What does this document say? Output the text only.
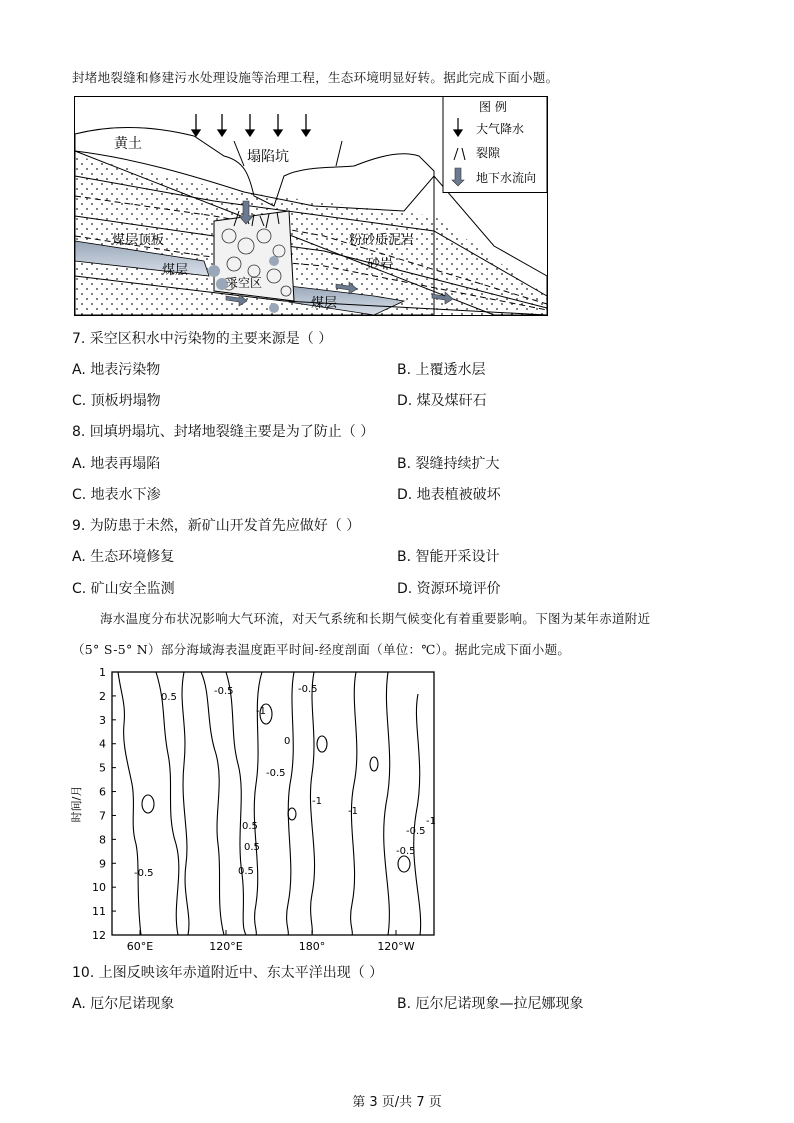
封堵地裂缝和修建污水处理设施等治理工程，生态环境明显好转。据此完成下面小题。
黄土
塌陷坑
煤层顶板
煤层
采空区
煤层
粉砂质泥岩
砂岩
图 例
大气降水
裂隙
地下水流向
7. 采空区积水中污染物的主要来源是（ ）
A. 地表污染物	B. 上覆透水层
C. 顶板坍塌物	D. 煤及煤矸石
8. 回填坍塌坑、封堵地裂缝主要是为了防止（ ）
A. 地表再塌陷	B. 裂缝持续扩大
C. 地表水下渗	D. 地表植被破坏
9. 为防患于未然，新矿山开发首先应做好（ ）
A. 生态环境修复	B. 智能开采设计
C. 矿山安全监测	D. 资源环境评价
海水温度分布状况影响大气环流，对天气系统和长期气候变化有着重要影响。下图为某年赤道附近
（5° S-5° N）部分海域海表温度距平时间-经度剖面（单位：℃）。据此完成下面小题。
1
2
3
4
5
6
7
8
9
10
11
12
60°E	120°E	180°	120°W
时间/月
0.5
0.5
-0.5
-0.5
-0.5
-1
-1
-1
-0.5
0
0.5
-0.5
0.5	-0.5
-1
10. 上图反映该年赤道附近中、东太平洋出现（ ）
A. 厄尔尼诺现象	B. 厄尔尼诺现象—拉尼娜现象
第 3 页/共 7 页
